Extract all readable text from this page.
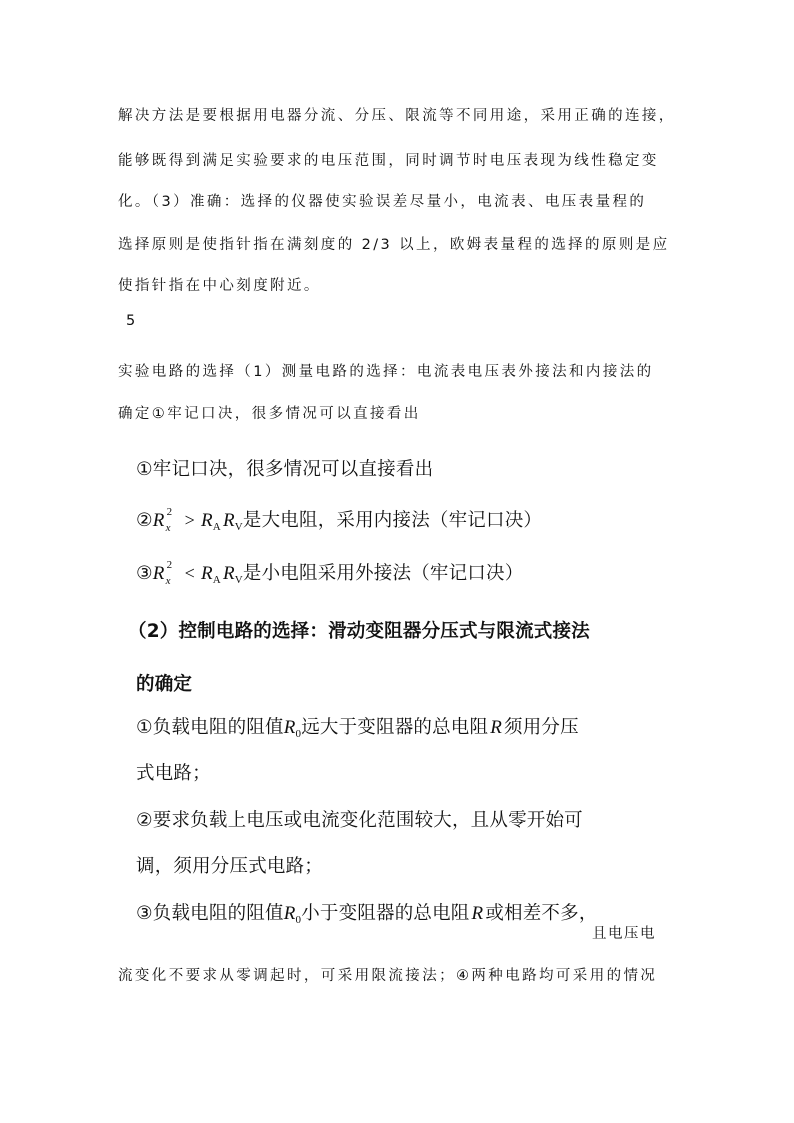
解决方法是要根据用电器分流、分压、限流等不同用途，采用正确的连接，
能够既得到满足实验要求的电压范围，同时调节时电压表现为线性稳定变
化。（3）准确：选择的仪器使实验误差尽量小，电流表、电压表量程的
选择原则是使指针指在满刻度的 2/3 以上，欧姆表量程的选择的原则是应
使指针指在中心刻度附近。
5
实验电路的选择（1）测量电路的选择：电流表电压表外接法和内接法的
确定①牢记口决，很多情况可以直接看出
①牢记口决，很多情况可以直接看出
②R 2
$x > R_A$ $R_V$是大电阻，采用内接法（牢记口决）
③R 2
$x < R_A$ $R_V$是小电阻采用外接法（牢记口决）
（2）控制电路的选择：滑动变阻器分压式与限流式接法
的确定
①负载电阻的阻值$R_0$远大于变阻器的总电阻 R 须用分压
式电路；
②要求负载上电压或电流变化范围较大，且从零开始可
调，须用分压式电路；
③负载电阻的阻值$R_0$小于变阻器的总电阻 R 或相差不多，
且电压电
流变化不要求从零调起时，可采用限流接法；④两种电路均可采用的情况
